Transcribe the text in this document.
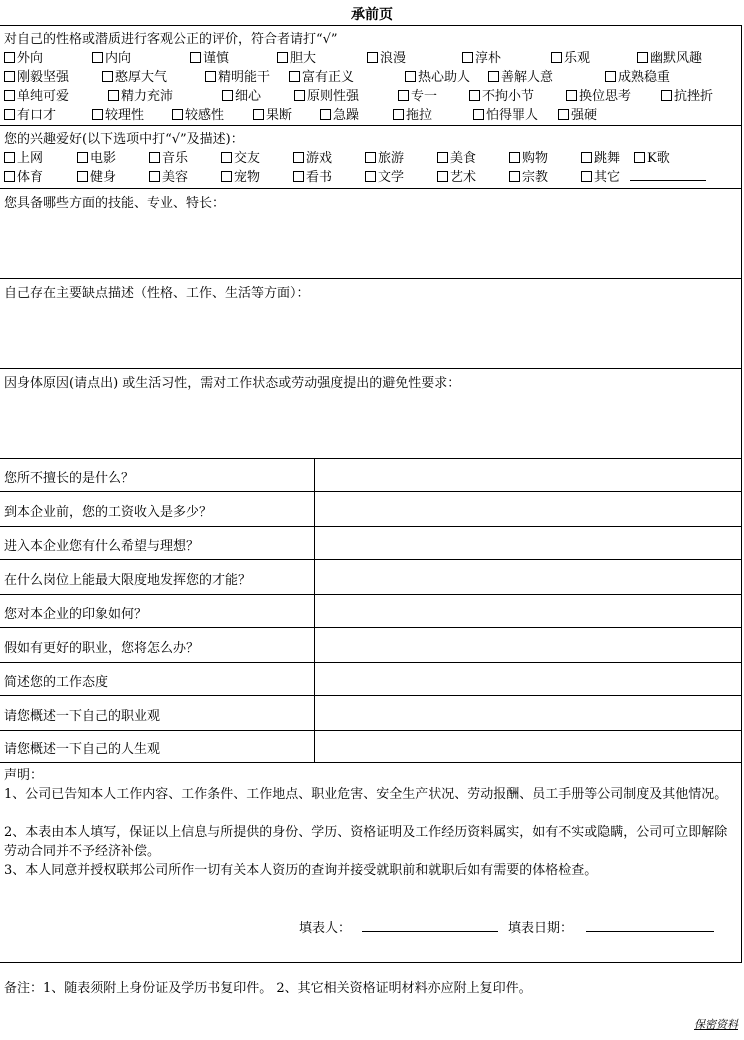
承前页
对自己的性格或潜质进行客观公正的评价，符合者请打“√”
外向	内向	谨慎	胆大	浪漫	淳朴	乐观	幽默风趣
刚毅坚强	憨厚大气	精明能干	富有正义	热心助人	善解人意	成熟稳重
单纯可爱	精力充沛	细心	原则性强	专一	不拘小节	换位思考	抗挫折
有口才	较理性	较感性	果断	急躁	拖拉	怕得罪人	强硬
您的兴趣爱好(以下选项中打“√”及描述)：
上网	电影	音乐	交友	游戏	旅游	美食	购物	跳舞	K歌
体育	健身	美容	宠物	看书	文学	艺术	宗教	其它
您具备哪些方面的技能、专业、特长：
自己存在主要缺点描述（性格、工作、生活等方面）：
因身体原因(请点出) 或生活习性，需对工作状态或劳动强度提出的避免性要求：
您所不擅长的是什么？
到本企业前，您的工资收入是多少？
进入本企业您有什么希望与理想？
在什么岗位上能最大限度地发挥您的才能？
您对本企业的印象如何？
假如有更好的职业，您将怎么办？
简述您的工作态度
请您概述一下自己的职业观
请您概述一下自己的人生观
声明：
1、公司已告知本人工作内容、工作条件、工作地点、职业危害、安全生产状况、劳动报酬、员工手册等公司制度及其他情况。
2、本表由本人填写，保证以上信息与所提供的身份、学历、资格证明及工作经历资料属实，如有不实或隐瞒，公司可立即解除劳动合同并不予经济补偿。
3、本人同意并授权联邦公司所作一切有关本人资历的查询并接受就职前和就职后如有需要的体格检查。
填表人：	填表日期：
备注：1、随表须附上身份证及学历书复印件。 2、其它相关资格证明材料亦应附上复印件。
保密资料
